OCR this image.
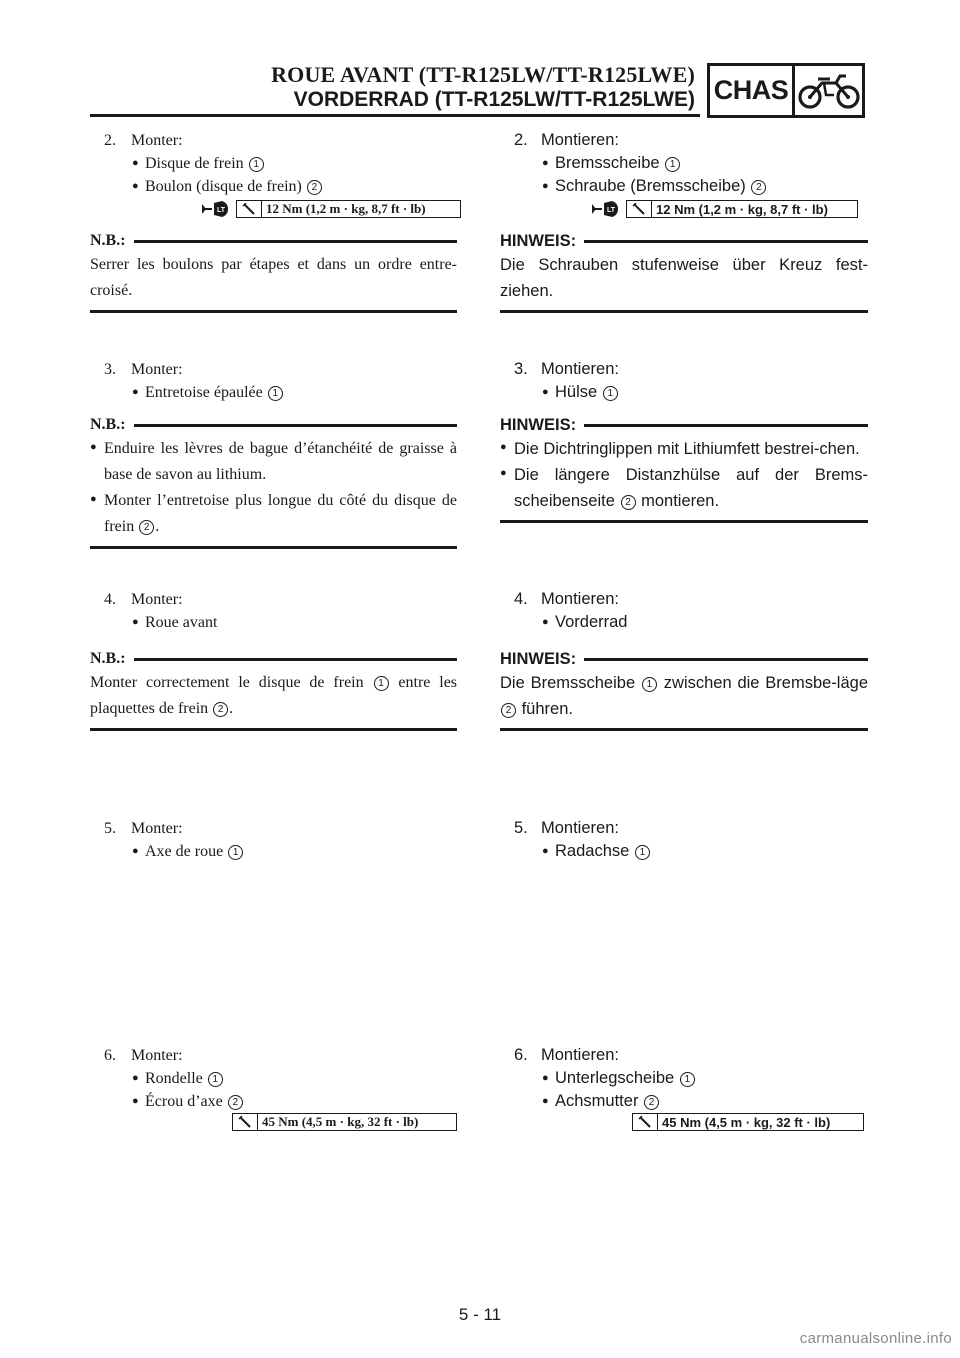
ROUE AVANT (TT-R125LW/TT-R125LWE)
VORDERRAD (TT-R125LW/TT-R125LWE) CHAS
2. Monter:
● Disque de frein 1
● Boulon (disque de frein) 2
LT	12 Nm (1,2 m · kg, 8,7 ft · lb)
N.B.:
Serrer les boulons par étapes et dans un ordre entre-croisé.
3. Monter:
● Entretoise épaulée 1
N.B.:
● Enduire les lèvres de bague d’étanchéité de graisse à base de savon au lithium.
● Monter l’entretoise plus longue du côté du disque de frein 2 .
4. Monter:
● Roue avant
N.B.:
Monter correctement le disque de frein 1 entre les plaquettes de frein 2 .
5. Monter:
● Axe de roue 1
6. Monter:
● Rondelle 1
● Écrou d’axe 2
45 Nm (4,5 m · kg, 32 ft · lb)
2. Montieren:
● Bremsscheibe 1
● Schraube (Bremsscheibe) 2
LT	12 Nm (1,2 m · kg, 8,7 ft · lb)
HINWEIS:
Die Schrauben stufenweise über Kreuz fest-ziehen.
3. Montieren:
● Hülse 1
HINWEIS:
● Die Dichtringlippen mit Lithiumfett bestrei-chen.
● Die längere Distanzhülse auf der Brems-scheibenseite 2 montieren.
4. Montieren:
● Vorderrad
HINWEIS:
Die Bremsscheibe 1 zwischen die Bremsbe-läge 2 führen.
5. Montieren:
● Radachse 1
6. Montieren:
● Unterlegscheibe 1
● Achsmutter 2
45 Nm (4,5 m · kg, 32 ft · lb)
5 - 11
carmanualsonline.info
